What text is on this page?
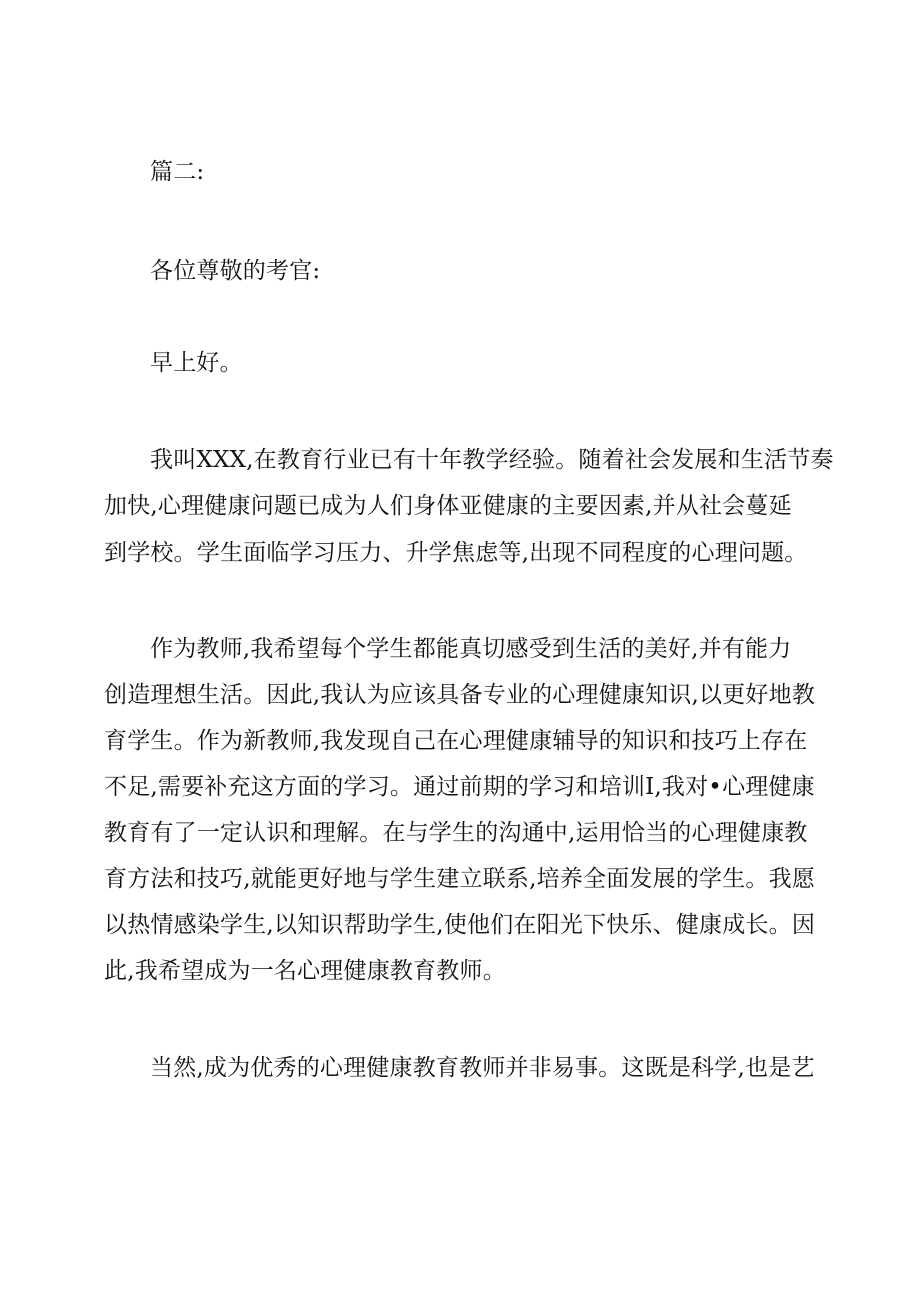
篇二:
各位尊敬的考官:
早上好。
我叫XXX,在教育行业已有十年教学经验。随着社会发展和生活节奏
加快,心理健康问题已成为人们身体亚健康的主要因素,并从社会蔓延
到学校。学生面临学习压力、升学焦虑等,出现不同程度的心理问题。
作为教师,我希望每个学生都能真切感受到生活的美好,并有能力
创造理想生活。因此,我认为应该具备专业的心理健康知识,以更好地教
育学生。作为新教师,我发现自己在心理健康辅导的知识和技巧上存在
不足,需要补充这方面的学习。通过前期的学习和培训I,我对•心理健康
教育有了一定认识和理解。在与学生的沟通中,运用恰当的心理健康教
育方法和技巧,就能更好地与学生建立联系,培养全面发展的学生。我愿
以热情感染学生,以知识帮助学生,使他们在阳光下快乐、健康成长。因
此,我希望成为一名心理健康教育教师。
当然,成为优秀的心理健康教育教师并非易事。这既是科学,也是艺
